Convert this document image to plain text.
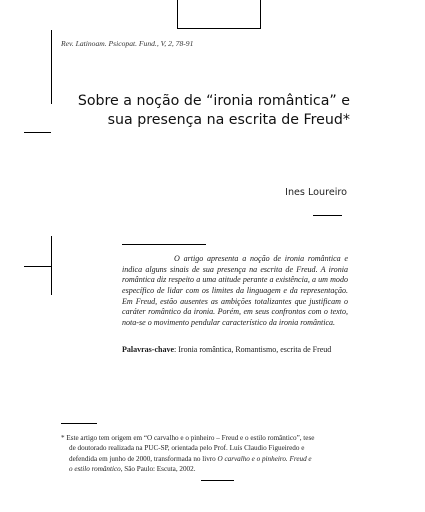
Rev. Latinoam. Psicopat. Fund., V, 2, 78-91
Sobre a noção de “ironia romântica” e
sua presença na escrita de Freud*
Ines Loureiro
O artigo apresenta a noção de ironia romântica e indica alguns sinais de sua presença na escrita de Freud. A ironia romântica diz respeito a uma atitude perante a existência, a um modo específico de lidar com os limites da linguagem e da representação. Em Freud, estão ausentes as ambições totalizantes que justificam o caráter romântico da ironia. Porém, em seus confrontos com o texto, nota-se o movimento pendular característico da ironia romântica.
Palavras-chave: Ironia romântica, Romantismo, escrita de Freud
* Este artigo tem origem em “O carvalho e o pinheiro – Freud e o estilo romântico”, tese
de doutorado realizada na PUC-SP, orientada pelo Prof. Luís Claudio Figueiredo e
defendida em junho de 2000, transformada no livro O carvalho e o pinheiro. Freud e
o estilo romântico, São Paulo: Escuta, 2002.
